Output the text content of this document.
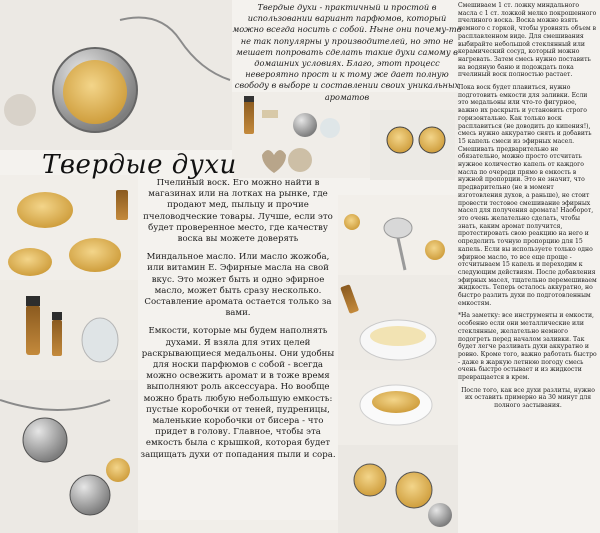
Твердые духи
Твердые духи - практичный и простой в использовании вариант парфюмов, который можно всегда носить с собой. Ныне они почему-то не так популярны у производителей, но это не мешает попровать сделать такие духи самому в домашних условиях. Благо, этот процесс невероятно прост и к тому же дает полную свободу в выборе и составлении своих уникальных ароматов

Пчелиный воск. Его можно найти в магазинах или на лотках на рынке, где продают мед, пыльцу и прочие пчеловодческие товары. Лучше, если это будет проверенное место, где качеству воска вы можете доверять

Миндальное масло. Или масло жожоба, или витамин Е. Эфирные масла на свой вкус. Это может быть и одно эфирное масло, может быть сразу несколько. Составление аромата остается только за вами.

Емкости, которые мы будем наполнять духами. Я взяла для этих целей раскрывающиеся медальоны. Они удобны для носки парфюмов с собой - всегда можно освежить аромат и в тоже время выполняют роль аксессуара. Но вообще можно брать любую небольшую емкость: пустые коробочки от теней, пудреницы, маленькие коробочки от бисера - что придет в голову. Главное, чтобы эта емкость была с крышкой, которая будет защищать духи от попадания пыли и сора.

Смешиваем 1 ст. ложку миндального масла с 1 ст. ложкой мелко покрошенного пчелиного воска. Воска можно взять немного с горкой, чтобы уровнять объем в расплавленном виде. Для смешивания выбирайте небольшой стеклянный или керамический сосуд, который можно нагревать. Затем смесь нужно поставить на водяную баню и подождать пока пчелиный воск полностью растает.

Пока воск будет плавиться, нужно подготовить емкости для заливки. Если это медальоны или что-то фигурное, важно их раскрыть и установить строго горизонтально. Как только воск расплавиться (не доводить до кипения!), смесь нужно аккуратно снять и добавить 15 капель смеси из эфирных масел. Смешивать предварительно не обязательно, можно просто отсчитать нужное количество капель от каждого масла по очереди прямо в емкость в нужной пропорции. Это не значит, что предварительно (не в момент изготовления духов, а раньше), не стоит провести тестовое смешивание эфирных масел для получения аромата! Наоборот, это очень желательно сделать, чтобы знать, каким аромат получится, протестировать свою реакцию на него и определить точную пропорцию для 15 капель. Если вы используете только одно эфирное масло, то все еще проще - отсчитываем 15 капель и переходим к следующим действиям. После добавления эфирных масел, тщательно перемешиваем жидкость. Теперь осталось аккуратно, но быстро разлить духи по подготовленным емкостям.

*На заметку: все инструменты и емкости, особенно если они металлические или стеклянные, желательно немного подогреть перед началом заливки. Так будет легче разливать духи аккуратно и ровно. Кроме того, важно работать быстро - даже в жаркую летнюю погоду смесь очень быстро остывает и из жидкости превращается в крем.

После того, как все духи разлиты, нужно их оставить примерно на 30 минут для полного застывания.
